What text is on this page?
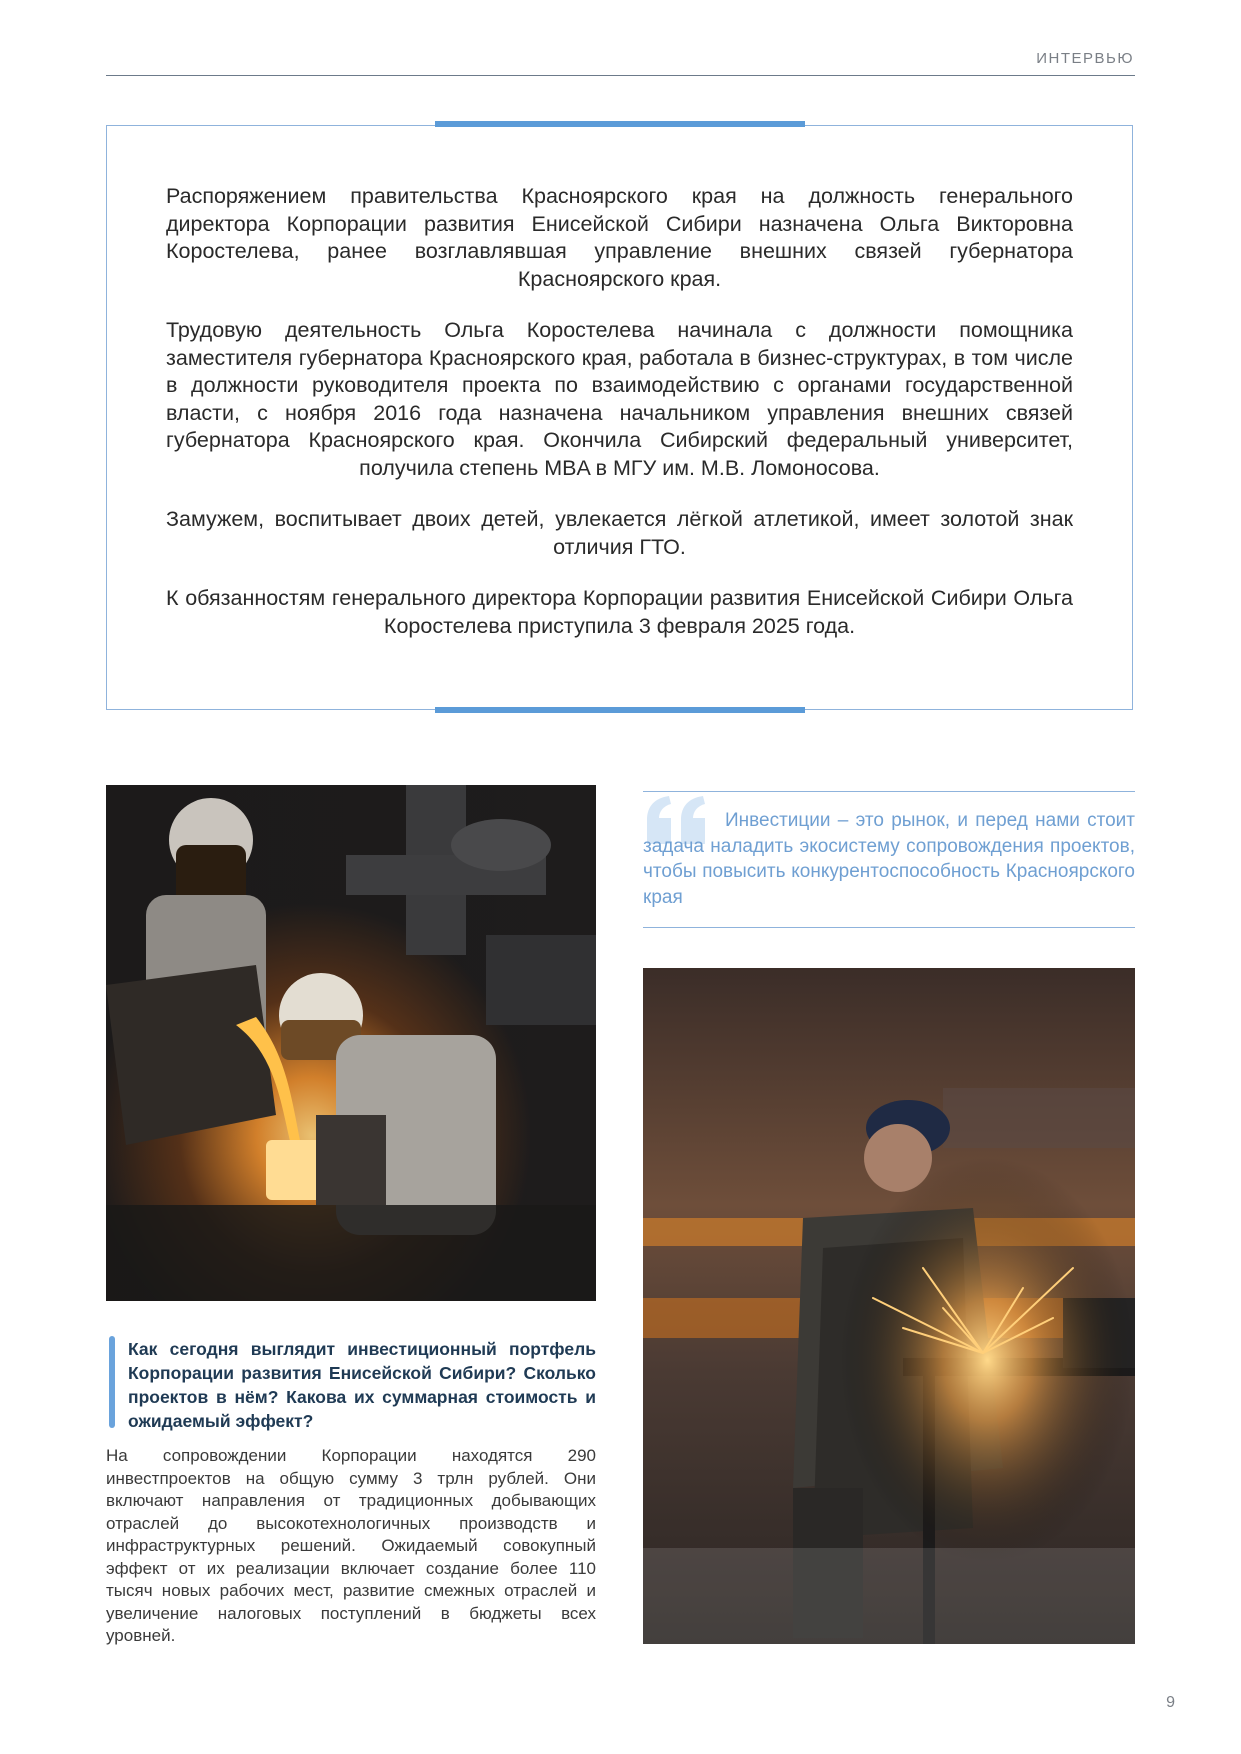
ИНТЕРВЬЮ

Распоряжением правительства Красноярского края на должность генерального директора Корпорации развития Енисейской Сибири назначена Ольга Викторовна Коростелева, ранее возглавлявшая управление внешних связей губернатора Красноярского края.

Трудовую деятельность Ольга Коростелева начинала с должности помощника заместителя губернатора Красноярского края, работала в бизнес-структурах, в том числе в должности руководителя проекта по взаимодействию с органами государственной власти, с ноября 2016 года назначена начальником управления внешних связей губернатора Красноярского края. Окончила Сибирский федеральный университет, получила степень MBA в МГУ им. М.В. Ломоносова.

Замужем, воспитывает двоих детей, увлекается лёгкой атлетикой, имеет золотой знак отличия ГТО.

К обязанностям генерального директора Корпорации развития Енисейской Сибири Ольга Коростелева приступила 3 февраля 2025 года.

Инвестиции – это рынок, и перед нами стоит задача наладить экосистему сопровождения проектов, чтобы повысить конкурентоспособность Красноярского края
Как сегодня выглядит инвестиционный портфель Корпорации развития Енисейской Сибири? Сколько проектов в нём? Какова их суммарная стоимость и ожидаемый эффект?
На сопровождении Корпорации находятся 290 инвестпроектов на общую сумму 3 трлн рублей. Они включают направления от традиционных добывающих отраслей до высокотехнологичных производств и инфраструктурных решений. Ожидаемый совокупный эффект от их реализации включает создание более 110 тысяч новых рабочих мест, развитие смежных отраслей и увеличение налоговых поступлений в бюджеты всех уровней.
9
